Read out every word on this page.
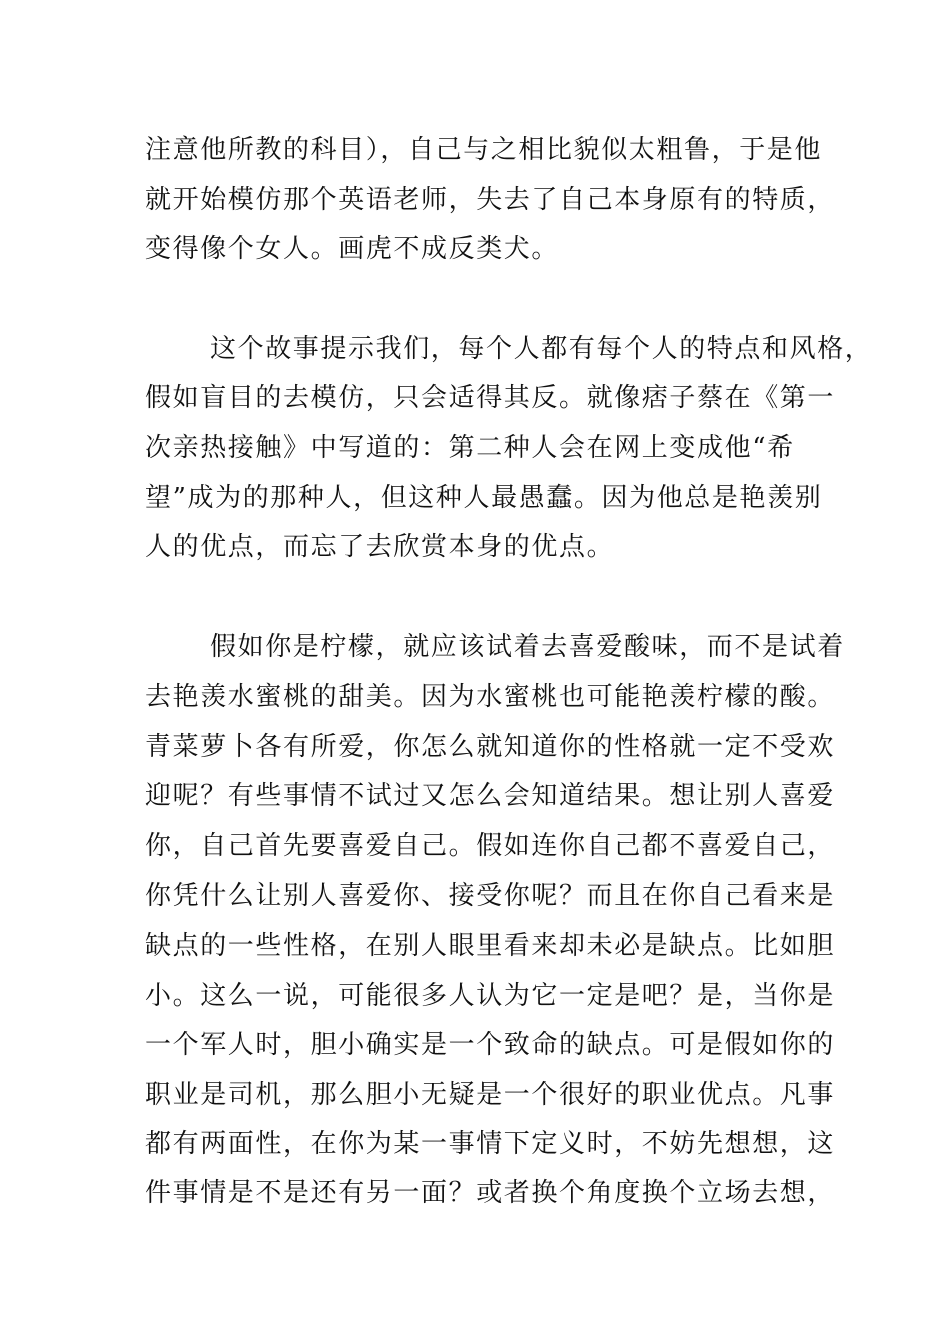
注意他所教的科目），自己与之相比貌似太粗鲁，于是他
就开始模仿那个英语老师，失去了自己本身原有的特质，
变得像个女人。画虎不成反类犬。
这个故事提示我们，每个人都有每个人的特点和风格，
假如盲目的去模仿，只会适得其反。就像痞子蔡在《第一
次亲热接触》中写道的：第二种人会在网上变成他“希
望”成为的那种人，但这种人最愚蠢。因为他总是艳羡别
人的优点，而忘了去欣赏本身的优点。
假如你是柠檬，就应该试着去喜爱酸味，而不是试着
去艳羡水蜜桃的甜美。因为水蜜桃也可能艳羡柠檬的酸。
青菜萝卜各有所爱，你怎么就知道你的性格就一定不受欢
迎呢？有些事情不试过又怎么会知道结果。想让别人喜爱
你，自己首先要喜爱自己。假如连你自己都不喜爱自己，
你凭什么让别人喜爱你、接受你呢？而且在你自己看来是
缺点的一些性格，在别人眼里看来却未必是缺点。比如胆
小。这么一说，可能很多人认为它一定是吧？是，当你是
一个军人时，胆小确实是一个致命的缺点。可是假如你的
职业是司机，那么胆小无疑是一个很好的职业优点。凡事
都有两面性，在你为某一事情下定义时，不妨先想想，这
件事情是不是还有另一面？或者换个角度换个立场去想，
